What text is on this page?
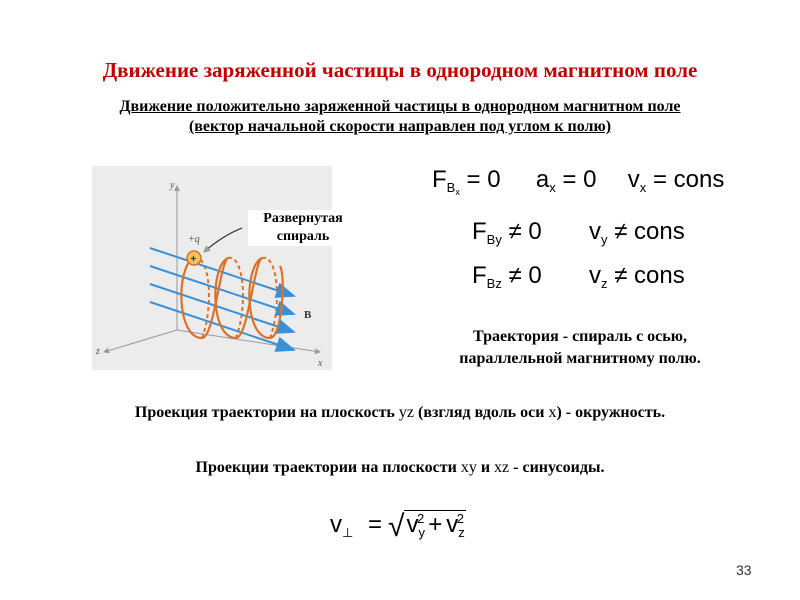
Движение заряженной частицы в однородном магнитном поле
Движение положительно заряженной частицы в однородном магнитном поле
(вектор начальной скорости направлен под углом к полю)
y
z
x
+
+q
B
Развернутая спираль
$F_{B_x} = 0$ $a_x = 0$ $v_x$ = cons
$F_{By} \ne 0$ $v_y$ ≠ cons
$F_{Bz} \ne 0$ $v_z$ ≠ cons
Траектория - спираль с осью,
параллельной магнитному полю.
Проекция траектории на плоскость yz (взгляд вдоль оси x) - окружность.
Проекции траектории на плоскости xy и xz - синусоиды.
$v_\perp = √v_y^2 + v_z^2$
33
